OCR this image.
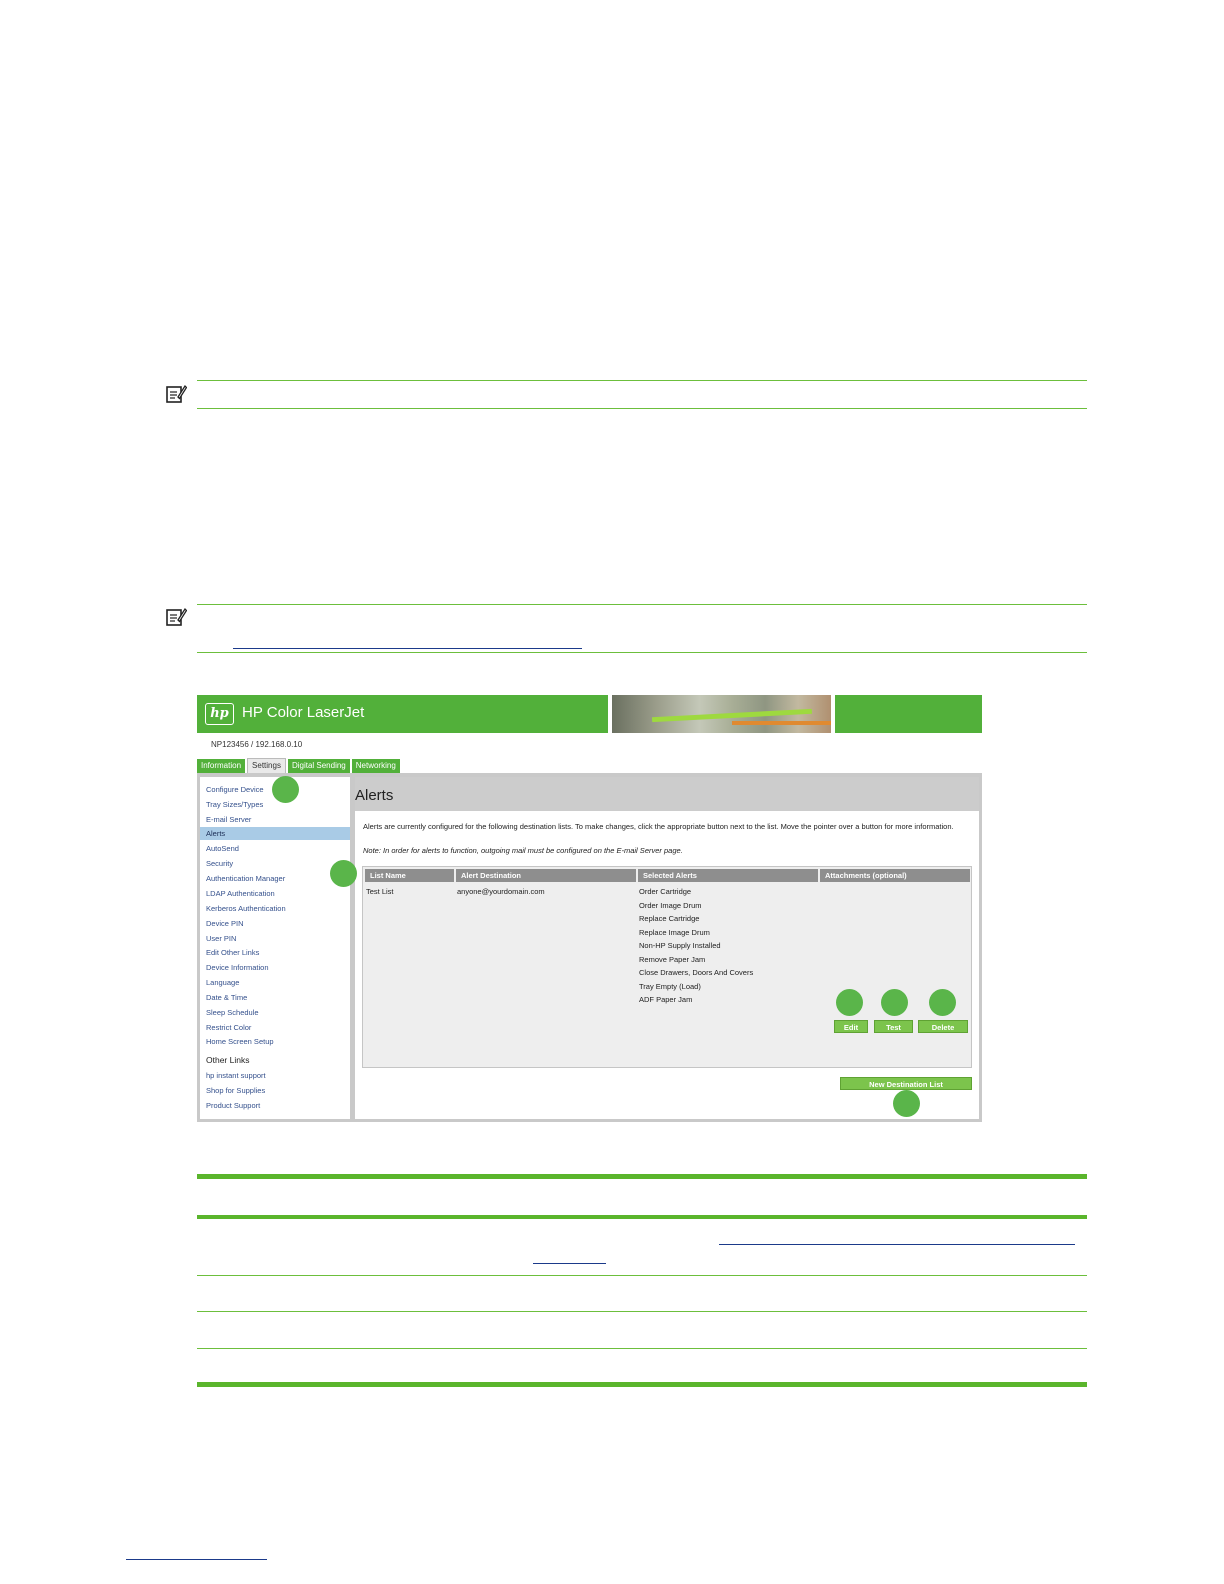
hp HP Color LaserJet
NP123456 / 192.168.0.10
Information	Settings	Digital Sending	Networking
Configure Device
Tray Sizes/Types
E-mail Server
Alerts
AutoSend
Security
Authentication Manager
LDAP Authentication
Kerberos Authentication
Device PIN
User PIN
Edit Other Links
Device Information
Language
Date & Time
Sleep Schedule
Restrict Color
Home Screen Setup
Other Links
hp instant support
Shop for Supplies
Product Support
Alerts
Alerts are currently configured for the following destination lists. To make changes, click the appropriate button next to the list. Move the pointer over a button for more information.
Note: In order for alerts to function, outgoing mail must be configured on the E-mail Server page.
List Name	Alert Destination	Selected Alerts	Attachments (optional)
Test List	anyone@yourdomain.com	Order Cartridge
Order Image Drum
Replace Cartridge
Replace Image Drum
Non-HP Supply Installed
Remove Paper Jam
Close Drawers, Doors And Covers
Tray Empty (Load)
ADF Paper Jam
Edit	Test	Delete
New Destination List
